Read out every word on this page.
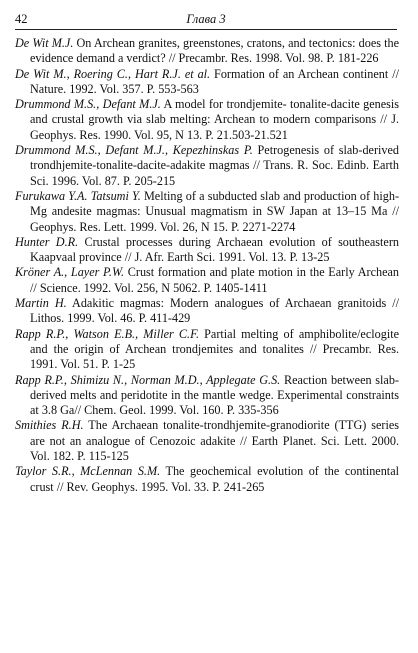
42	Глава 3

De Wit M.J. On Archean granites, greenstones, cratons, and tectonics: does the evidence demand a verdict? // Precambr. Res. 1998. Vol. 98. P. 181-226

De Wit M., Roering C., Hart R.J. et al. Formation of an Archean continent // Nature. 1992. Vol. 357. P. 553-563

Drummond M.S., Defant M.J. A model for trondjemite- tonalite-dacite genesis and crustal growth via slab melting: Archean to modern comparisons // J. Geophys. Res. 1990. Vol. 95, N 13. P. 21.503-21.521

Drummond M.S., Defant M.J., Kepezhinskas P. Petrogenesis of slab-derived trondhjemite-tonalite-dacite-adakite magmas // Trans. R. Soc. Edinb. Earth Sci. 1996. Vol. 87. P. 205-215

Furukawa Y.A. Tatsumi Y. Melting of a subducted slab and production of high-Mg andesite magmas: Unusual magmatism in SW Japan at 13–15 Ma // Geophys. Res. Lett. 1999. Vol. 26, N 15. P. 2271-2274

Hunter D.R. Crustal processes during Archaean evolution of southeastern Kaapvaal province // J. Afr. Earth Sci. 1991. Vol. 13. P. 13-25

Kröner A., Layer P.W. Crust formation and plate motion in the Early Archean // Science. 1992. Vol. 256, N 5062. P. 1405-1411

Martin H. Adakitic magmas: Modern analogues of Archaean granitoids // Lithos. 1999. Vol. 46. P. 411-429

Rapp R.P., Watson E.B., Miller C.F. Partial melting of amphibolite/eclogite and the origin of Archean trondjemites and tonalites // Precambr. Res. 1991. Vol. 51. P. 1-25

Rapp R.P., Shimizu N., Norman M.D., Applegate G.S. Reaction between slab-derived melts and peridotite in the mantle wedge. Experimental constraints at 3.8 Ga// Chem. Geol. 1999. Vol. 160. P. 335-356

Smithies R.H. The Archaean tonalite-trondhjemite-granodiorite (TTG) series are not an analogue of Cenozoic adakite // Earth Planet. Sci. Lett. 2000. Vol. 182. P. 115-125

Taylor S.R., McLennan S.M. The geochemical evolution of the continental crust // Rev. Geophys. 1995. Vol. 33. P. 241-265
